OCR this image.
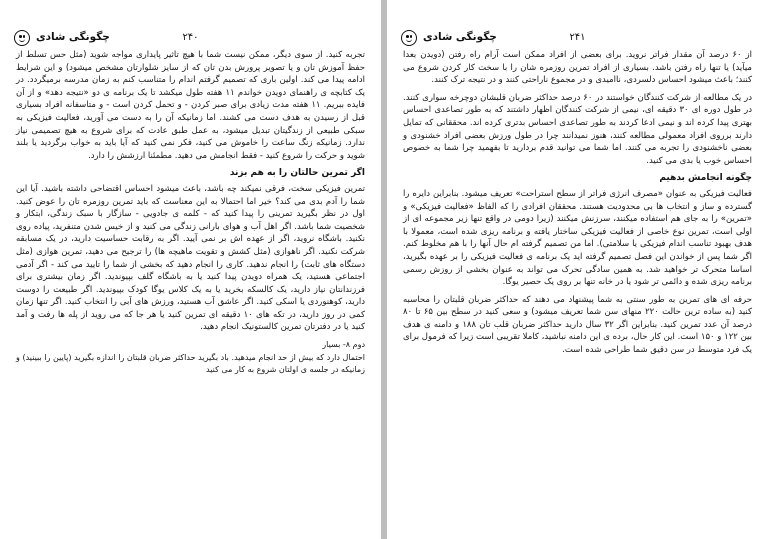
چگونگی شادی	۲۴۰

تجربه کنید. از سوی دیگر، ممکن نیست شما با هیچ تاثیر پایداری مواجه شوید (مثل حس تسلط از حفظ آموزش تان و یا تصویر پرورش بدن تان که از سایز شلوارتان مشخص میشود) و این شرایط ادامه پیدا می کند. اولین باری که تصمیم گرفتم اندام را متناسب کنم به زمان مدرسه برمیگردد. در یک کتابچه ی راهنمای دویدن خواندم ۱۱ هفته طول میکشد تا یک برنامه ی دو «نتیجه دهد» و از آن فایده ببریم. ۱۱ هفته مدت زیادی برای صبر کردن - و تحمل کردن است - و متاسفانه افراد بسیاری قبل از رسیدن به هدف دست می کشند. اما زمانیکه آن را به دست می آورید، فعالیت فیزیکی به سبکی طبیعی از زندگیتان تبدیل میشود، به عمل طبق عادت که برای شروع به هیچ تصمیمی نیاز ندارد. زمانیکه زنگ ساعت را خاموش می کنید، فکر نمی کنید که آیا باید به خواب برگردید یا بلند شوید و حرکت را شروع کنید - فقط انجامش می دهید. مطمئنا ارزشش را دارد.

اگر تمرین حالتان را به هم بزند

تمرین فیزیکی سخت، فرقی نمیکند چه باشد، باعث میشود احساس اقتضاحی داشته باشید. آیا این شما را آدم بدی می کند؟ خیر اما احتمالا به این معناست که باید تمرین روزمره تان را عوض کنید. اول در نظر بگیرید تمرینی را پیدا کنید که - کلمه ی جادویی - سازگار با سبک زندگی، ابتکار و شخصیت شما باشد. اگر اهل آب و هوای بارانی زندگی می کنید و از خیس شدن متنفرید، پیاده روی نکنید. باشگاه نروید، اگر از عهده اش بر نمی آیید. اگر به رقابت حساسیت دارید، در یک مسابقه شرکت نکنید. اگر ناهوازی (مثل کشش و تقویت ماهیچه ها) را ترجیح می دهید، تمرین هوازی (مثل دستگاه های ثابت) را انجام ندهید. کاری را انجام دهید که بخشی از شما را تایید می کند - اگر آدمی اجتماعی هستید، یک همراه دویدن پیدا کنید یا به باشگاه گلف بپیوندید. اگر زمان بیشتری برای فرزندانتان نیاز دارید، یک کالسکه بخرید یا به یک کلاس یوگا کودک بپیوندید. اگر طبیعت را دوست دارید، کوهنوردی یا اسکی کنید. اگر عاشق آب هستید، ورزش های آبی را انتخاب کنید. اگر تنها زمان کمی در روز دارید، در تکه های ۱۰ دقیقه ای تمرین کنید یا هر جا که می روید از پله ها رفت و آمد کنید یا در دفترتان تمرین کالستونیک انجام دهید.

دوم ۸- بسیار

احتمال دارد که بیش از حد انجام میدهید. باد بگیرید حداکثر ضربان قلبتان را اندازه بگیرید (پایین را ببینید) و زمانیکه در جلسه ی اولتان شروع به کار می کنید

چگونگی شادی	۲۴۱

از ۶۰ درصد آن مقدار فراتر نروید. برای بعضی از افراد ممکن است آرام راه رفتن (دویدن بعدا میآید) یا تنها راه رفتن باشد. بسیاری از افراد تمرین روزمره شان را با سخت کار کردن شروع می کنند؛ باعث میشود احساس دلسردی، ناامیدی و در مجموع ناراحتی کنند و در نتیجه ترک کنند.

در یک مطالعه از شرکت کنندگان خواستند در ۶۰ درصد حداکثر ضربان قلبشان دوچرخه سواری کنند. در طول دوره ای ۳۰ دقیقه ای، نیمی از شرکت کنندگان اظهار داشتند که به طور تصاعدی احساس بهتری پیدا کرده اند و نیمی ادعا کردند به طور تصاعدی احساس بدتری کرده اند. محققانی که تمایل دارند برروی افراد معمولی مطالعه کنند، هنوز نمیدانند چرا در طول ورزش بعضی افراد خشنودی و بعضی ناخشنودی را تجربه می کنند. اما شما می توانید قدم بردارید تا بفهمید چرا شما به خصوص احساس خوب یا بدی می کنید.

چگونه انجامش بدهیم

فعالیت فیزیکی به عنوان «مصرف انرژی فراتر از سطح استراحت» تعریف میشود. بنابراین دایره را گسترده و ساز و انتخاب ها بی محدودیت هستند. محققان افرادی را که الفاظ «فعالیت فیزیکی» و «تمرین» را به جای هم استفاده میکنند، سرزنش میکنند (زیرا دومی در واقع تنها زیر مجموعه ای از اولی است، تمرین نوع خاصی از فعالیت فیزیکی ساختار یافته و برنامه ریزی شده است، معمولا با هدف بهبود تناسب اندام فیزیکی یا سلامتی). اما من تصمیم گرفته ام حال آنها را با هم مخلوط کنم. اگر شما پس از خواندن این فصل تصمیم گرفته اید یک برنامه ی فعالیت فیزیکی را بر عهده بگیرید، اساسا متحرک تر خواهید شد. به همین سادگی تحرک می تواند به عنوان بخشی از روزش رسمی برنامه ریزی شده و دائمی تر شود یا در خانه تنها بر روی یک حصیر یوگا.

حرفه ای های تمرین به طور سنتی به شما پیشنهاد می دهند که حداکثر ضربان قلبتان را محاسبه کنید (به ساده ترین حالت ۲۲۰ منهای سن شما تعریف میشود) و سعی کنید در سطح بین ۶۵ تا ۸۰ درصد آن عدد تمرین کنید. بنابراین اگر ۳۲ سال دارید حداکثر ضربان قلب تان ۱۸۸ و دامنه ی هدف بین ۱۲۲ و ۱۵۰ است. این کار حال، برده ی این دامنه نباشید، کاملا تقریبی است زیرا که فرمول برای یک فرد متوسط در سن دقیق شما طراحی شده است.
